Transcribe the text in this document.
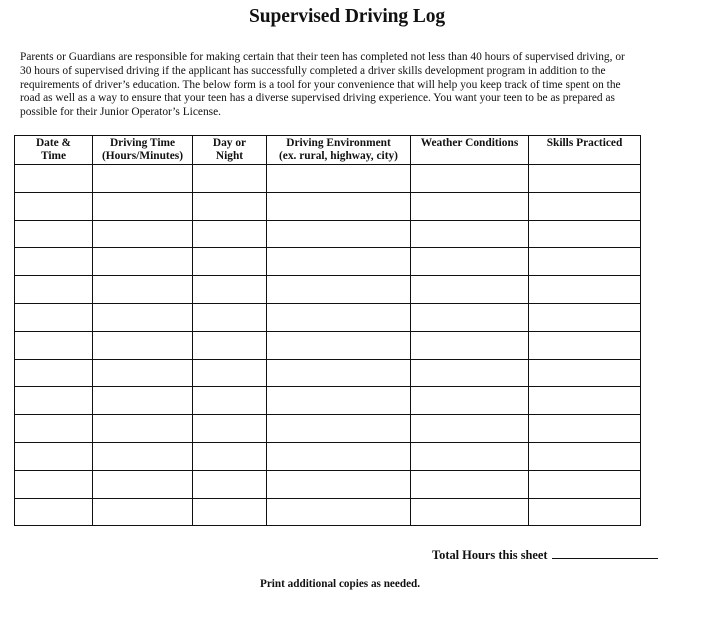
Supervised Driving Log

Parents or Guardians are responsible for making certain that their teen has completed not less than 40 hours of supervised driving, or
30 hours of supervised driving if the applicant has successfully completed a driver skills development program in addition to the
requirements of driver’s education. The below form is a tool for your convenience that will help you keep track of time spent on the
road as well as a way to ensure that your teen has a diverse supervised driving experience. You want your teen to be as prepared as
possible for their Junior Operator’s License.

Date &
Time

Driving Time
(Hours/Minutes)

Day or
Night

Driving Environment
(ex. rural, highway, city)

Weather Conditions	Skills Practiced

Total Hours this sheet
Print additional copies as needed.
